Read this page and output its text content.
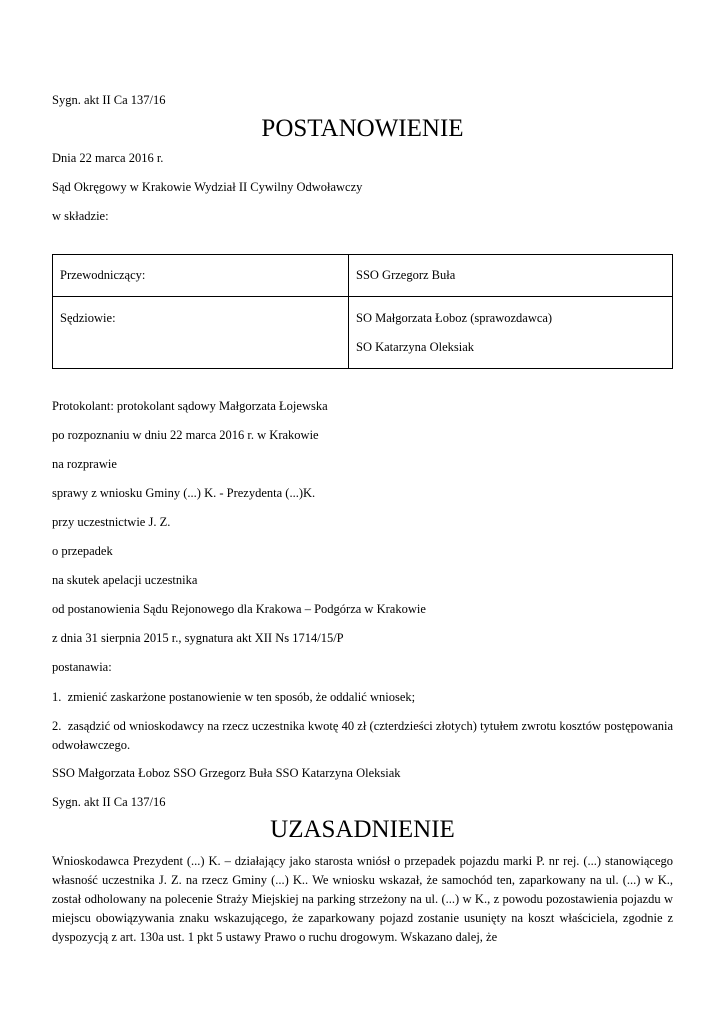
Sygn. akt II Ca 137/16
POSTANOWIENIE
Dnia 22 marca 2016 r.
Sąd Okręgowy w Krakowie Wydział II Cywilny Odwoławczy
w składzie:
Przewodniczący:	SSO Grzegorz Buła
Sędziowie:	SO Małgorzata Łoboz (sprawozdawca)
SO Katarzyna Oleksiak
Protokolant: protokolant sądowy Małgorzata Łojewska
po rozpoznaniu w dniu 22 marca 2016 r. w Krakowie
na rozprawie
sprawy z wniosku Gminy (...) K. - Prezydenta (...)K.
przy uczestnictwie J. Z.
o przepadek
na skutek apelacji uczestnika
od postanowienia Sądu Rejonowego dla Krakowa – Podgórza w Krakowie
z dnia 31 sierpnia 2015 r., sygnatura akt XII Ns 1714/15/P
postanawia:
1. zmienić zaskarżone postanowienie w ten sposób, że oddalić wniosek;
2. zasądzić od wnioskodawcy na rzecz uczestnika kwotę 40 zł (czterdzieści złotych) tytułem zwrotu kosztów postępowania odwoławczego.
SSO Małgorzata Łoboz SSO Grzegorz Buła SSO Katarzyna Oleksiak
Sygn. akt II Ca 137/16
UZASADNIENIE
Wnioskodawca Prezydent (...) K. – działający jako starosta wniósł o przepadek pojazdu marki P. nr rej. (...) stanowiącego własność uczestnika J. Z. na rzecz Gminy (...) K.. We wniosku wskazał, że samochód ten, zaparkowany na ul. (...) w K., został odholowany na polecenie Straży Miejskiej na parking strzeżony na ul. (...) w K., z powodu pozostawienia pojazdu w miejscu obowiązywania znaku wskazującego, że zaparkowany pojazd zostanie usunięty na koszt właściciela, zgodnie z dyspozycją z art. 130a ust. 1 pkt 5 ustawy Prawo o ruchu drogowym. Wskazano dalej, że
